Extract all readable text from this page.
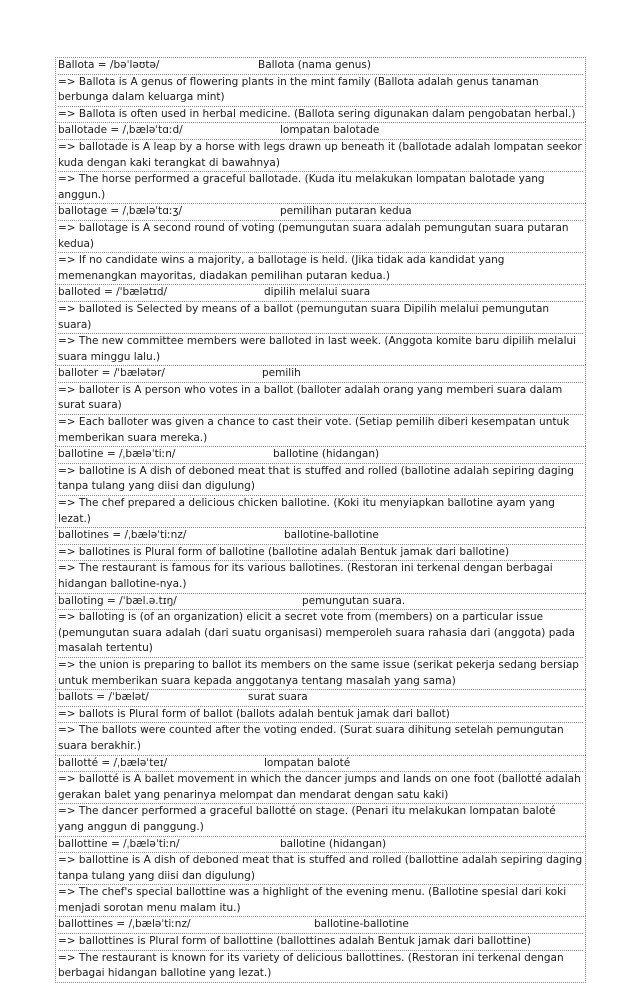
Ballota = /bəˈləʊtə/	Ballota (nama genus)
=> Ballota is A genus of flowering plants in the mint family (Ballota adalah genus tanaman berbunga dalam keluarga mint)
=> Ballota is often used in herbal medicine. (Ballota sering digunakan dalam pengobatan herbal.)
ballotade = /ˌbæləˈtɑːd/	lompatan balotade
=> ballotade is A leap by a horse with legs drawn up beneath it (ballotade adalah lompatan seekor kuda dengan kaki terangkat di bawahnya)
=> The horse performed a graceful ballotade. (Kuda itu melakukan lompatan balotade yang anggun.)
ballotage = /ˌbæləˈtɑːʒ/	pemilihan putaran kedua
=> ballotage is A second round of voting (pemungutan suara adalah pemungutan suara putaran kedua)
=> If no candidate wins a majority, a ballotage is held. (Jika tidak ada kandidat yang memenangkan mayoritas, diadakan pemilihan putaran kedua.)
balloted = /ˈbælətɪd/	dipilih melalui suara
=> balloted is Selected by means of a ballot (pemungutan suara Dipilih melalui pemungutan suara)
=> The new committee members were balloted in last week. (Anggota komite baru dipilih melalui suara minggu lalu.)
balloter = /ˈbælətər/	pemilih
=> balloter is A person who votes in a ballot (balloter adalah orang yang memberi suara dalam surat suara)
=> Each balloter was given a chance to cast their vote. (Setiap pemilih diberi kesempatan untuk memberikan suara mereka.)
ballotine = /ˌbæləˈtiːn/	ballotine (hidangan)
=> ballotine is A dish of deboned meat that is stuffed and rolled (ballotine adalah sepiring daging tanpa tulang yang diisi dan digulung)
=> The chef prepared a delicious chicken ballotine. (Koki itu menyiapkan ballotine ayam yang lezat.)
ballotines = /ˌbæləˈtiːnz/	ballotine-ballotine
=> ballotines is Plural form of ballotine (ballotine adalah Bentuk jamak dari ballotine)
=> The restaurant is famous for its various ballotines. (Restoran ini terkenal dengan berbagai hidangan ballotine-nya.)
balloting = /ˈbæl.ə.tɪŋ/	pemungutan suara.
=> balloting is (of an organization) elicit a secret vote from (members) on a particular issue (pemungutan suara adalah (dari suatu organisasi) memperoleh suara rahasia dari (anggota) pada masalah tertentu)
=> the union is preparing to ballot its members on the same issue (serikat pekerja sedang bersiap untuk memberikan suara kepada anggotanya tentang masalah yang sama)
ballots = /ˈbælət/	surat suara
=> ballots is Plural form of ballot (ballots adalah bentuk jamak dari ballot)
=> The ballots were counted after the voting ended. (Surat suara dihitung setelah pemungutan suara berakhir.)
ballotté = /ˌbæləˈteɪ/	lompatan baloté
=> ballotté is A ballet movement in which the dancer jumps and lands on one foot (ballotté adalah gerakan balet yang penarinya melompat dan mendarat dengan satu kaki)
=> The dancer performed a graceful ballotté on stage. (Penari itu melakukan lompatan baloté yang anggun di panggung.)
ballottine = /ˌbæləˈtiːn/	ballotine (hidangan)
=> ballottine is A dish of deboned meat that is stuffed and rolled (ballottine adalah sepiring daging tanpa tulang yang diisi dan digulung)
=> The chef's special ballottine was a highlight of the evening menu. (Ballotine spesial dari koki menjadi sorotan menu malam itu.)
ballottines = /ˌbæləˈtiːnz/	ballotine-ballotine
=> ballottines is Plural form of ballottine (ballottines adalah Bentuk jamak dari ballottine)
=> The restaurant is known for its variety of delicious ballottines. (Restoran ini terkenal dengan berbagai hidangan ballotine yang lezat.)
